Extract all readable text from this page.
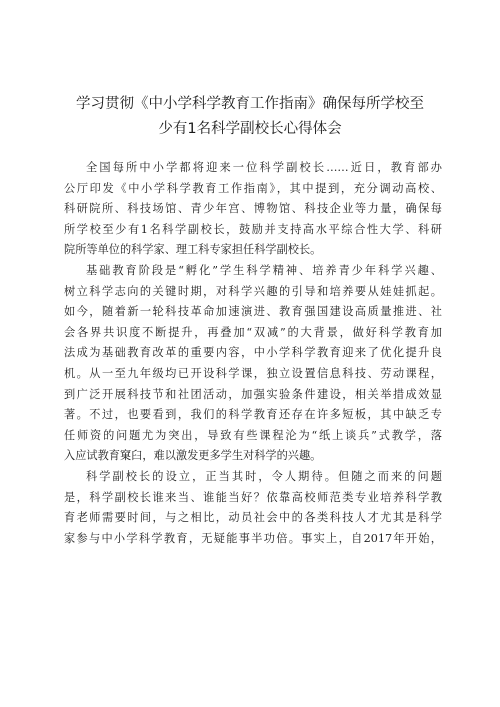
学习贯彻《中小学科学教育工作指南》确保每所学校至
少有1名科学副校长心得体会

全国每所中小学都将迎来一位科学副校长……近日，教育部办
公厅印发《中小学科学教育工作指南》，其中提到，充分调动高校、
科研院所、科技场馆、青少年宫、博物馆、科技企业等力量，确保每
所学校至少有1名科学副校长，鼓励并支持高水平综合性大学、科研
院所等单位的科学家、理工科专家担任科学副校长。

基础教育阶段是“孵化”学生科学精神、培养青少年科学兴趣、
树立科学志向的关键时期，对科学兴趣的引导和培养要从娃娃抓起。
如今，随着新一轮科技革命加速演进、教育强国建设高质量推进、社
会各界共识度不断提升，再叠加“双减”的大背景，做好科学教育加
法成为基础教育改革的重要内容，中小学科学教育迎来了优化提升良
机。从一至九年级均已开设科学课，独立设置信息科技、劳动课程，
到广泛开展科技节和社团活动，加强实验条件建设，相关举措成效显
著。不过，也要看到，我们的科学教育还存在许多短板，其中缺乏专
任师资的问题尤为突出，导致有些课程沦为“纸上谈兵”式教学，落
入应试教育窠臼，难以激发更多学生对科学的兴趣。

科学副校长的设立，正当其时，令人期待。但随之而来的问题
是，科学副校长谁来当、谁能当好？依靠高校师范类专业培养科学教
育老师需要时间，与之相比，动员社会中的各类科技人才尤其是科学
家参与中小学科学教育，无疑能事半功倍。事实上，自2017年开始，
